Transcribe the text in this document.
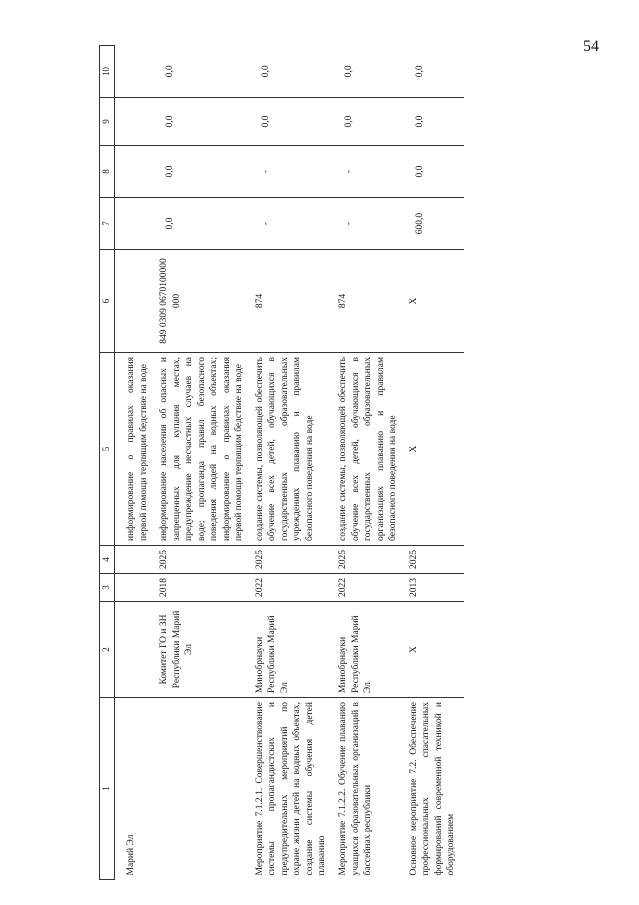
54
1	2	3	4	5	6	7	8	9	10
Марий Эл				информирование о правилах оказания первой помощи терпящим бедствие на воде					
	Комитет ГО и ЗН Республики Марий Эл	2018	2025	информирование населения об опасных и запрещенных для купания местах, предупреждение несчастных случаев на воде; пропаганда правил безопасного поведения людей на водных объектах; информирование о правилах оказания первой помощи терпящим бедствие на воде	849 0309 0670100000 000	0,0	0,0	0,0	0,0
Мероприятие 7.1.2.1. Совершенствование системы пропагандистских и предупредительных мероприятий по охране жизни детей на водных объектах, создание системы обучения детей плаванию	Минобрнауки Республики Марий Эл	2022	2025	создание системы, позволяющей обеспечить обучение всех детей, обучающихся в государственных образовательных учреждениях плаванию и правилам безопасного поведения на воде	874	-	-	0,0	0,0
Мероприятие 7.1.2.2. Обучение плаванию учащихся образовательных организаций в бассейнах республики	Минобрнауки Республики Марий Эл	2022	2025	создание системы, позволяющей обеспечить обучение всех детей, обучающихся в государственных образовательных организациях плаванию и правилам безопасного поведения на воде	874	-	-	0,0	0,0
Основное мероприятие 7.2. Обеспечение профессиональных спасательных формирований современной техникой и оборудованием	X	2013	2025	X	X	600,0	0,0	0,0	0,0
